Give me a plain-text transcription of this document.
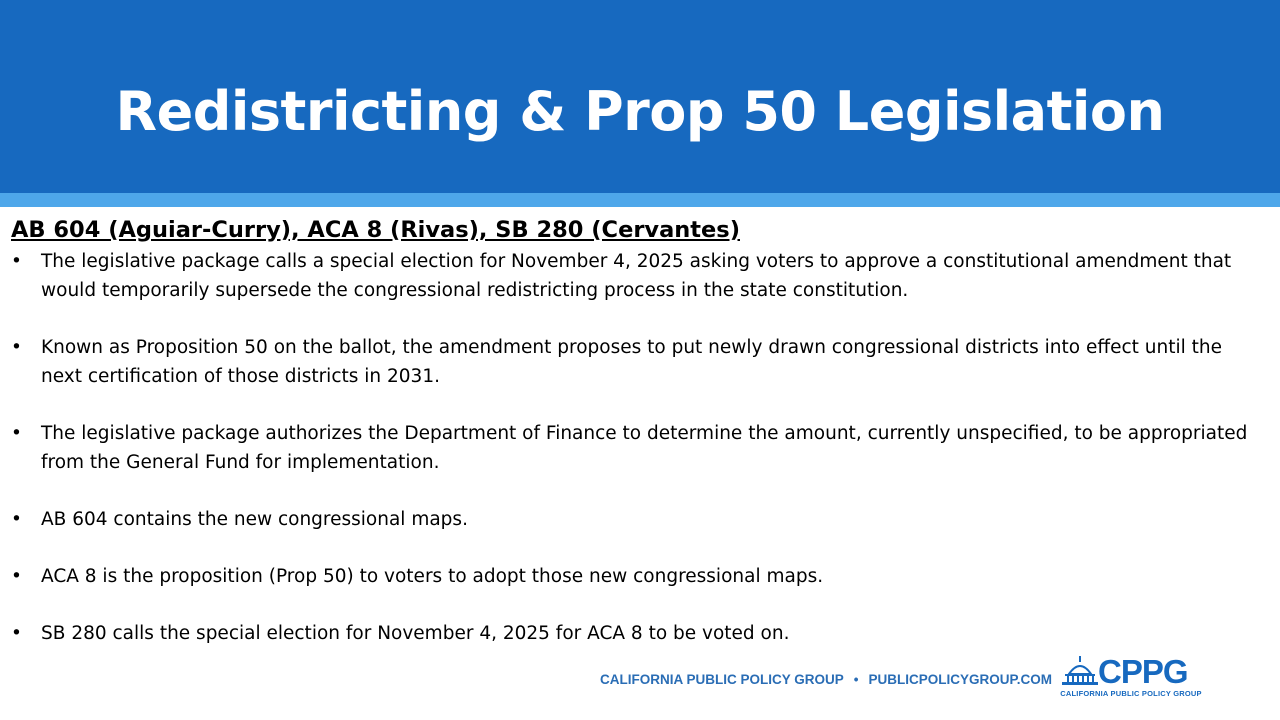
Redistricting & Prop 50 Legislation
AB 604 (Aguiar-Curry), ACA 8 (Rivas), SB 280 (Cervantes)
• The legislative package calls a special election for November 4, 2025 asking voters to approve a constitutional amendment that would temporarily supersede the congressional redistricting process in the state constitution.
• Known as Proposition 50 on the ballot, the amendment proposes to put newly drawn congressional districts into effect until the next certification of those districts in 2031.
• The legislative package authorizes the Department of Finance to determine the amount, currently unspecified, to be appropriated from the General Fund for implementation.
• AB 604 contains the new congressional maps.
• ACA 8 is the proposition (Prop 50) to voters to adopt those new congressional maps.
• SB 280 calls the special election for November 4, 2025 for ACA 8 to be voted on.
CALIFORNIA PUBLIC POLICY GROUP • PUBLICPOLICYGROUP.COM CPPG
CALIFORNIA PUBLIC POLICY GROUP
